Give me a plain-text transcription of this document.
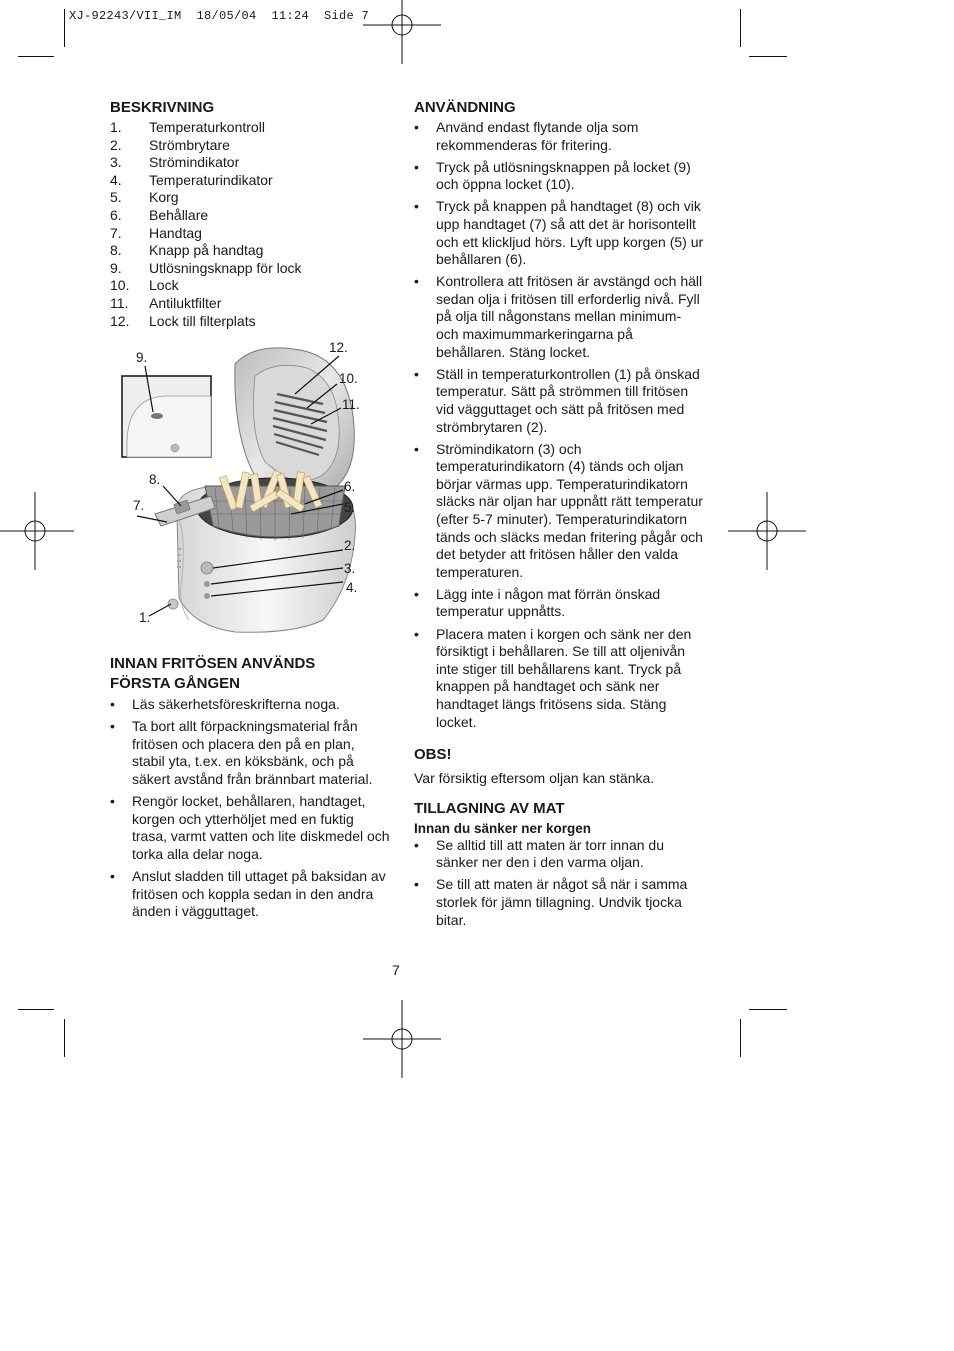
XJ-92243/VII_IM  18/05/04  11:24  Side 7
BESKRIVNING
1.	Temperaturkontroll
2.	Strömbrytare
3.	Strömindikator
4.	Temperaturindikator
5.	Korg
6.	Behållare
7.	Handtag
8.	Knapp på handtag
9.	Utlösningsknapp för lock
10.	Lock
11.	Antiluktfilter
12.	Lock till filterplats
INNAN FRITÖSEN ANVÄNDS
FÖRSTA GÅNGEN
• Läs säkerhetsföreskrifterna noga.
• Ta bort allt förpackningsmaterial från fritösen och placera den på en plan, stabil yta, t.ex. en köksbänk, och på säkert avstånd från brännbart material.
• Rengör locket, behållaren, handtaget, korgen och ytterhöljet med en fuktig trasa, varmt vatten och lite diskmedel och torka alla delar noga.
• Anslut sladden till uttaget på baksidan av fritösen och koppla sedan in den andra änden i vägguttaget.
9.
12.
10.
11.
8.
7.
6.
5.
2.
3.
4.
1.
ANVÄNDNING
• Använd endast flytande olja som rekommenderas för fritering.
• Tryck på utlösningsknappen på locket (9) och öppna locket (10).
• Tryck på knappen på handtaget (8) och vik upp handtaget (7) så att det är horisontellt och ett klickljud hörs. Lyft upp korgen (5) ur behållaren (6).
• Kontrollera att fritösen är avstängd och häll sedan olja i fritösen till erforderlig nivå. Fyll på olja till någonstans mellan minimum- och maximummarkeringarna på behållaren. Stäng locket.
• Ställ in temperaturkontrollen (1) på önskad temperatur. Sätt på strömmen till fritösen vid vägguttaget och sätt på fritösen med strömbrytaren (2).
• Strömindikatorn (3) och temperaturindikatorn (4) tänds och oljan börjar värmas upp. Temperaturindikatorn släcks när oljan har uppnått rätt temperatur (efter 5-7 minuter). Temperaturindikatorn tänds och släcks medan fritering pågår och det betyder att fritösen håller den valda temperaturen.
• Lägg inte i någon mat förrän önskad temperatur uppnåtts.
• Placera maten i korgen och sänk ner den försiktigt i behållaren. Se till att oljenivån inte stiger till behållarens kant. Tryck på knappen på handtaget och sänk ner handtaget längs fritösens sida. Stäng locket.
OBS!

Var försiktig eftersom oljan kan stänka.

TILLAGNING AV MAT
Innan du sänker ner korgen
• Se alltid till att maten är torr innan du sänker ner den i den varma oljan.
• Se till att maten är något så när i samma storlek för jämn tillagning. Undvik tjocka bitar.
7
